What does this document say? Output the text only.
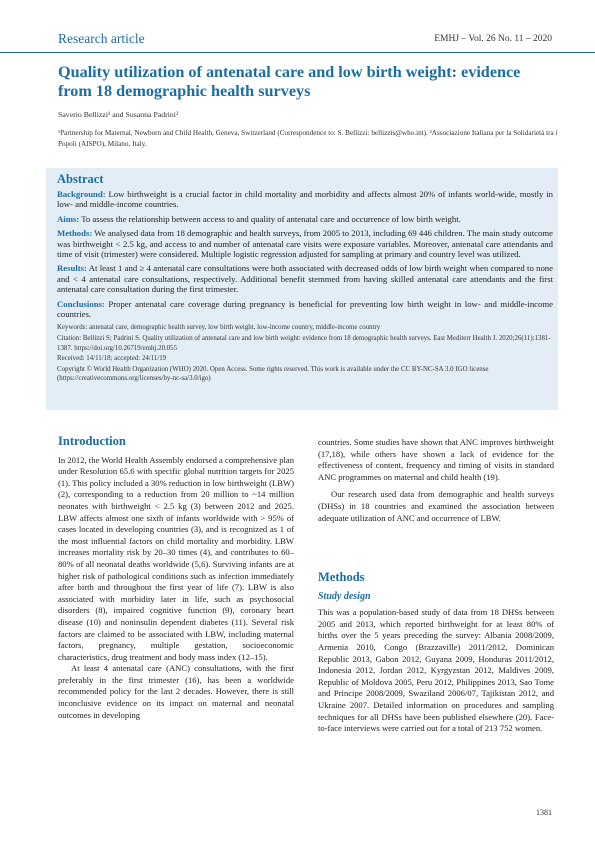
Research article	EMHJ – Vol. 26 No. 11 – 2020
Quality utilization of antenatal care and low birth weight: evidence from 18 demographic health surveys
Saverio Bellizzi¹ and Susanna Padrini²

¹Partnership for Maternal, Newborn and Child Health, Geneva, Switzerland (Correspondence to: S. Bellizzi: bellizzis@who.int). ²Associazione Italiana per la Solidarietà tra i Popoli (AISPO), Milano, Italy.

Abstract

Background: Low birthweight is a crucial factor in child mortality and morbidity and affects almost 20% of infants world-wide, mostly in low- and middle-income countries.

Aims: To assess the relationship between access to and quality of antenatal care and occurrence of low birth weight.

Methods: We analysed data from 18 demographic and health surveys, from 2005 to 2013, including 69 446 children. The main study outcome was birthweight < 2.5 kg, and access to and number of antenatal care visits were exposure variables. Moreover, antenatal care attendants and time of visit (trimester) were considered. Multiple logistic regression adjusted for sampling at primary and country level was utilized.

Results: At least 1 and ≥ 4 antenatal care consultations were both associated with decreased odds of low birth weight when compared to none and < 4 antenatal care consultations, respectively. Additional benefit stemmed from having skilled antenatal care attendants and the first antenatal care consultation during the first trimester.

Conclusions: Proper antenatal care coverage during pregnancy is beneficial for preventing low birth weight in low- and middle-income countries.

Keywords: antenatal care, demographic health survey, low birth weight, low-income country, middle-income country

Citation: Bellizzi S; Padrini S. Quality utilization of antenatal care and low birth weight: evidence from 18 demographic health surveys. East Mediterr Health J. 2020;26(11):1381-1387. https://doi.org/10.26719/emhj.20.055

Received: 14/11/18; accepted: 24/11/19

Copyright © World Health Organization (WHO) 2020. Open Access. Some rights reserved. This work is available under the CC BY-NC-SA 3.0 IGO license (https://creativecommons.org/licenses/by-nc-sa/3.0/igo)

Introduction

In 2012, the World Health Assembly endorsed a comprehensive plan under Resolution 65.6 with specific global nutrition targets for 2025 (1). This policy included a 30% reduction in low birthweight (LBW) (2), corresponding to a reduction from 20 million to ~14 million neonates with birthweight < 2.5 kg (3) between 2012 and 2025. LBW affects almost one sixth of infants worldwide with > 95% of cases located in developing countries (3), and is recognized as 1 of the most influential factors on child mortality and morbidity. LBW increases mortality risk by 20–30 times (4), and contributes to 60–80% of all neonatal deaths worldwide (5,6). Surviving infants are at higher risk of pathological conditions such as infection immediately after birth and throughout the first year of life (7). LBW is also associated with morbidity later in life, such as psychosocial disorders (8), impaired cognitive function (9), coronary heart disease (10) and noninsulin dependent diabetes (11). Several risk factors are claimed to be associated with LBW, including maternal factors, pregnancy, multiple gestation, socioeconomic characteristics, drug treatment and body mass index (12–15).

At least 4 antenatal care (ANC) consultations, with the first preferably in the first trimester (16), has been a worldwide recommended policy for the last 2 decades. However, there is still inconclusive evidence on its impact on maternal and neonatal outcomes in developing

countries. Some studies have shown that ANC improves birthweight (17,18), while others have shown a lack of evidence for the effectiveness of content, frequency and timing of visits in standard ANC programmes on maternal and child health (19).

Our research used data from demographic and health surveys (DHSs) in 18 countries and examined the association between adequate utilization of ANC and occurrence of LBW.

Methods
Study design

This was a population-based study of data from 18 DHSs between 2005 and 2013, which reported birthweight for at least 80% of births over the 5 years preceding the survey: Albania 2008/2009, Armenia 2010, Congo (Brazzaville) 2011/2012, Dominican Republic 2013, Gabon 2012, Guyana 2009, Honduras 2011/2012, Indonesia 2012, Jordan 2012, Kyrgyzstan 2012, Maldives 2009, Republic of Moldova 2005, Peru 2012, Philippines 2013, Sao Tome and Principe 2008/2009, Swaziland 2006/07, Tajikistan 2012, and Ukraine 2007. Detailed information on procedures and sampling techniques for all DHSs have been published elsewhere (20). Face-to-face interviews were carried out for a total of 213 752 women.

1381
